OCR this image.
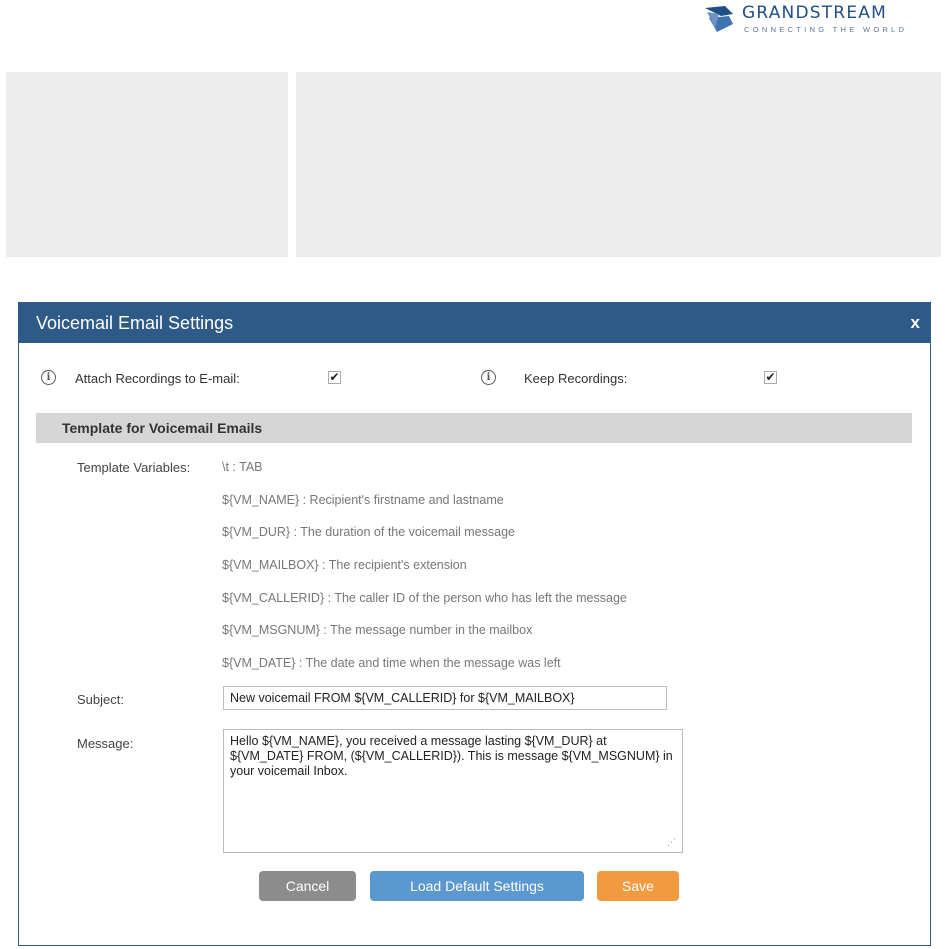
GRANDSTREAM
CONNECTING THE WORLD
Voicemail Email Settings	x
i	Attach Recordings to E-mail:	✔	i	Keep Recordings:	✔
Template for Voicemail Emails
Template Variables:	\t : TAB
${VM_NAME} : Recipient's firstname and lastname
${VM_DUR} : The duration of the voicemail message
${VM_MAILBOX} : The recipient's extension
${VM_CALLERID} : The caller ID of the person who has left the message
${VM_MSGNUM} : The message number in the mailbox
${VM_DATE} : The date and time when the message was left
Subject:
New voicemail FROM ${VM_CALLERID} for ${VM_MAILBOX}
Message:
Hello ${VM_NAME}, you received a message lasting ${VM_DUR} at ${VM_DATE} FROM, (${VM_CALLERID}). This is message ${VM_MSGNUM} in your voicemail Inbox.
⋰
Cancel	Load Default Settings	Save
